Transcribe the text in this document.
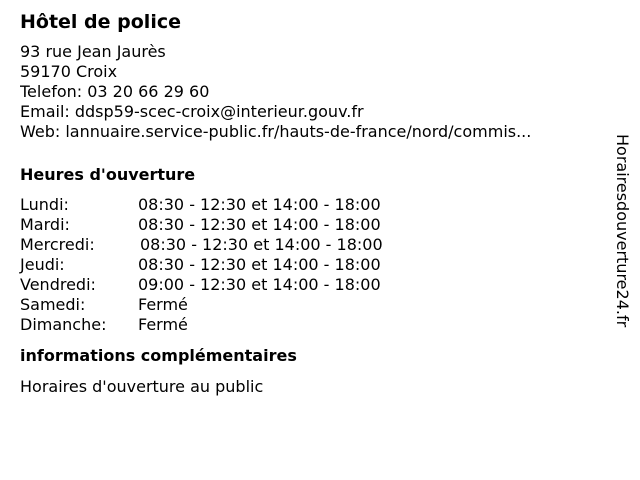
Hôtel de police
93 rue Jean Jaurès
59170 Croix
Telefon: 03 20 66 29 60
Email: ddsp59-scec-croix@interieur.gouv.fr
Web: lannuaire.service-public.fr/hauts-de-france/nord/commis...
Heures d'ouverture
Lundi:	08:30 - 12:30 et 14:00 - 18:00
Mardi:	08:30 - 12:30 et 14:00 - 18:00
Mercredi:	08:30 - 12:30 et 14:00 - 18:00
Jeudi:	08:30 - 12:30 et 14:00 - 18:00
Vendredi:	09:00 - 12:30 et 14:00 - 18:00
Samedi:	Fermé
Dimanche: Fermé
informations complémentaires
Horaires d'ouverture au public
Horairesdouverture24.fr
